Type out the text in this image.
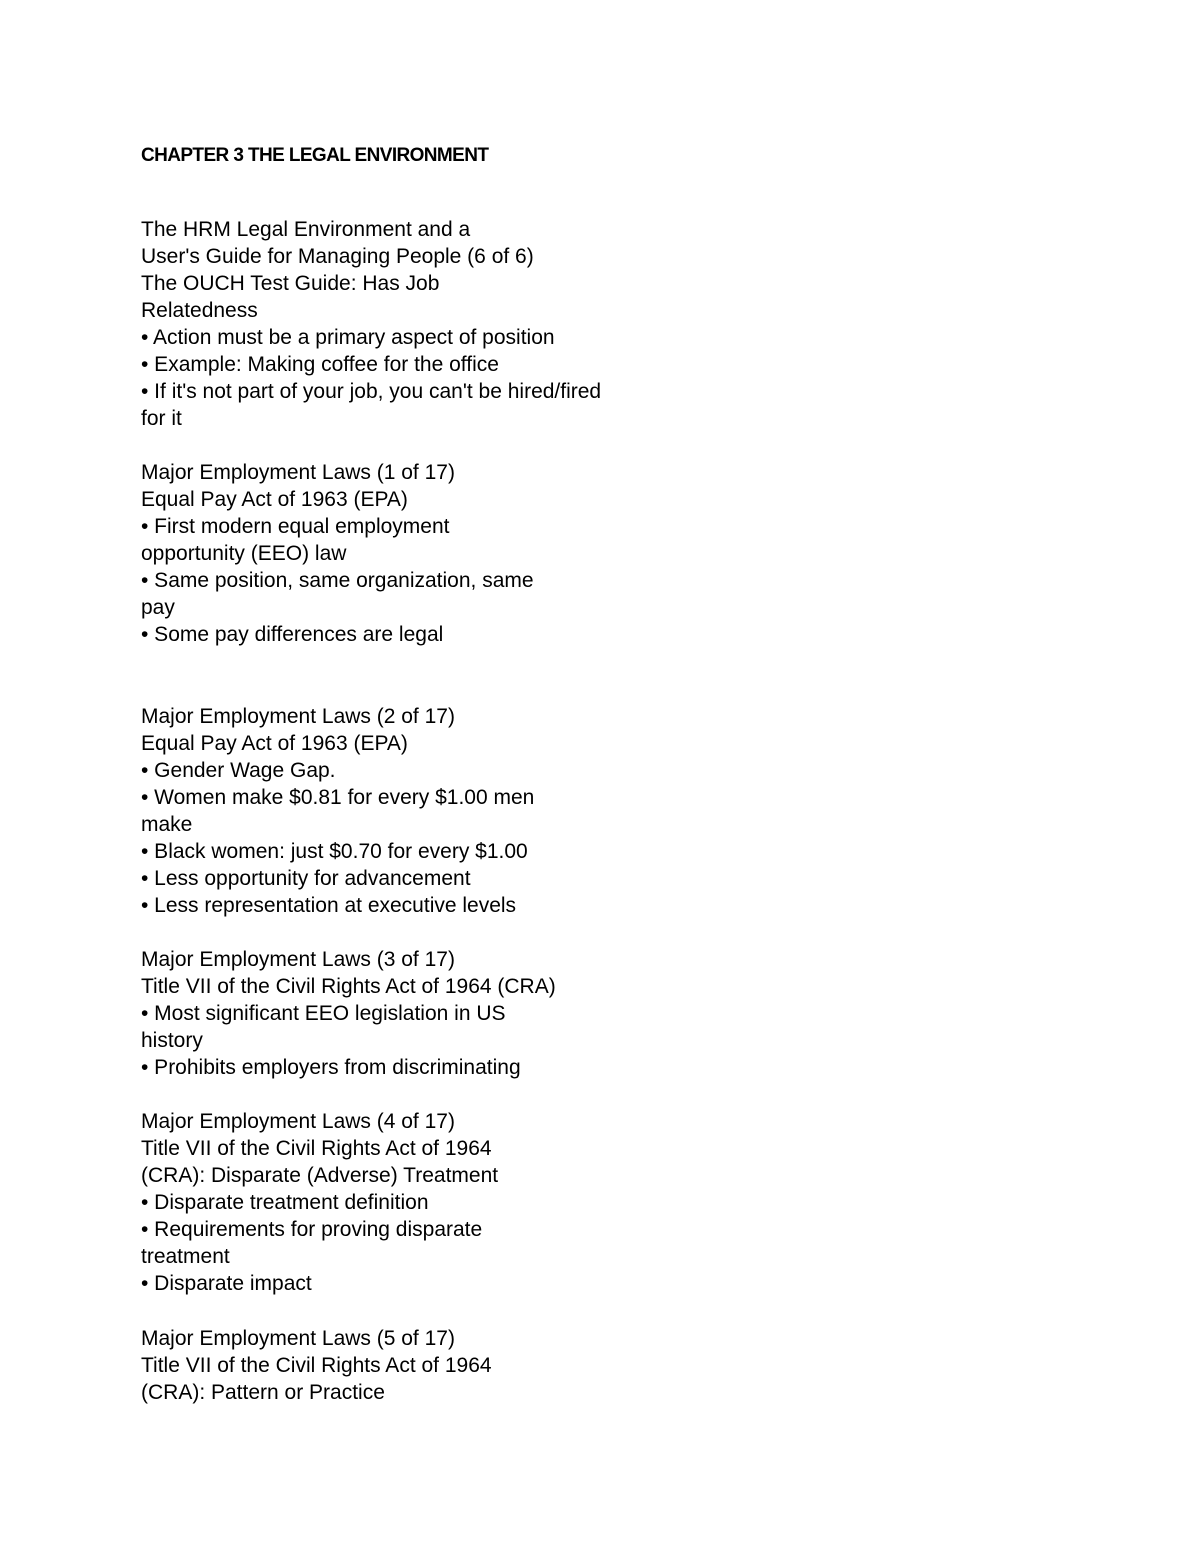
CHAPTER 3 THE LEGAL ENVIRONMENT
The HRM Legal Environment and a
User's Guide for Managing People (6 of 6)
The OUCH Test Guide: Has Job
Relatedness
• Action must be a primary aspect of position
• Example: Making coffee for the office
• If it's not part of your job, you can't be hired/fired
for it
Major Employment Laws (1 of 17)
Equal Pay Act of 1963 (EPA)
• First modern equal employment
opportunity (EEO) law
• Same position, same organization, same
pay
• Some pay differences are legal
Major Employment Laws (2 of 17)
Equal Pay Act of 1963 (EPA)
• Gender Wage Gap.
• Women make $0.81 for every $1.00 men
make
• Black women: just $0.70 for every $1.00
• Less opportunity for advancement
• Less representation at executive levels
Major Employment Laws (3 of 17)
Title VII of the Civil Rights Act of 1964 (CRA)
• Most significant EEO legislation in US
history
• Prohibits employers from discriminating
Major Employment Laws (4 of 17)
Title VII of the Civil Rights Act of 1964
(CRA): Disparate (Adverse) Treatment
• Disparate treatment definition
• Requirements for proving disparate
treatment
• Disparate impact
Major Employment Laws (5 of 17)
Title VII of the Civil Rights Act of 1964
(CRA): Pattern or Practice
